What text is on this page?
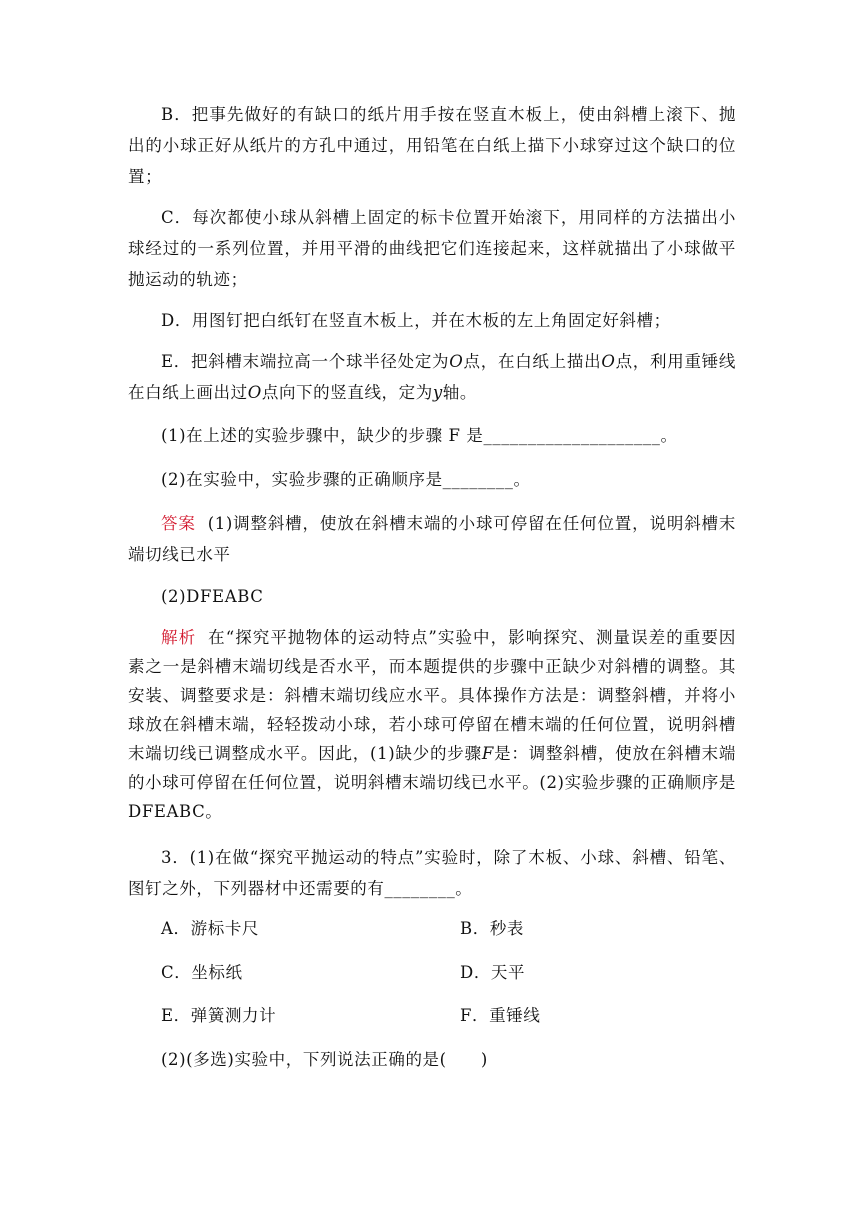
B．把事先做好的有缺口的纸片用手按在竖直木板上，使由斜槽上滚下、抛出的小球正好从纸片的方孔中通过，用铅笔在白纸上描下小球穿过这个缺口的位置；

C．每次都使小球从斜槽上固定的标卡位置开始滚下，用同样的方法描出小球经过的一系列位置，并用平滑的曲线把它们连接起来，这样就描出了小球做平抛运动的轨迹；

D．用图钉把白纸钉在竖直木板上，并在木板的左上角固定好斜槽；

E．把斜槽末端拉高一个球半径处定为O点，在白纸上描出O点，利用重锤线在白纸上画出过O点向下的竖直线，定为y轴。

(1)在上述的实验步骤中，缺少的步骤 F 是____________________。

(2)在实验中，实验步骤的正确顺序是________。

答案 (1)调整斜槽，使放在斜槽末端的小球可停留在任何位置，说明斜槽末端切线已水平

(2)DFEABC

解析 在“探究平抛物体的运动特点”实验中，影响探究、测量误差的重要因素之一是斜槽末端切线是否水平，而本题提供的步骤中正缺少对斜槽的调整。其安装、调整要求是：斜槽末端切线应水平。具体操作方法是：调整斜槽，并将小球放在斜槽末端，轻轻拨动小球，若小球可停留在槽末端的任何位置，说明斜槽末端切线已调整成水平。因此，(1)缺少的步骤F是：调整斜槽，使放在斜槽末端的小球可停留在任何位置，说明斜槽末端切线已水平。(2)实验步骤的正确顺序是 DFEABC。

3．(1)在做“探究平抛运动的特点”实验时，除了木板、小球、斜槽、铅笔、图钉之外，下列器材中还需要的有________。

A．游标卡尺	B．秒表
C．坐标纸	D．天平
E．弹簧测力计	F．重锤线

(2)(多选)实验中，下列说法正确的是(　　)
